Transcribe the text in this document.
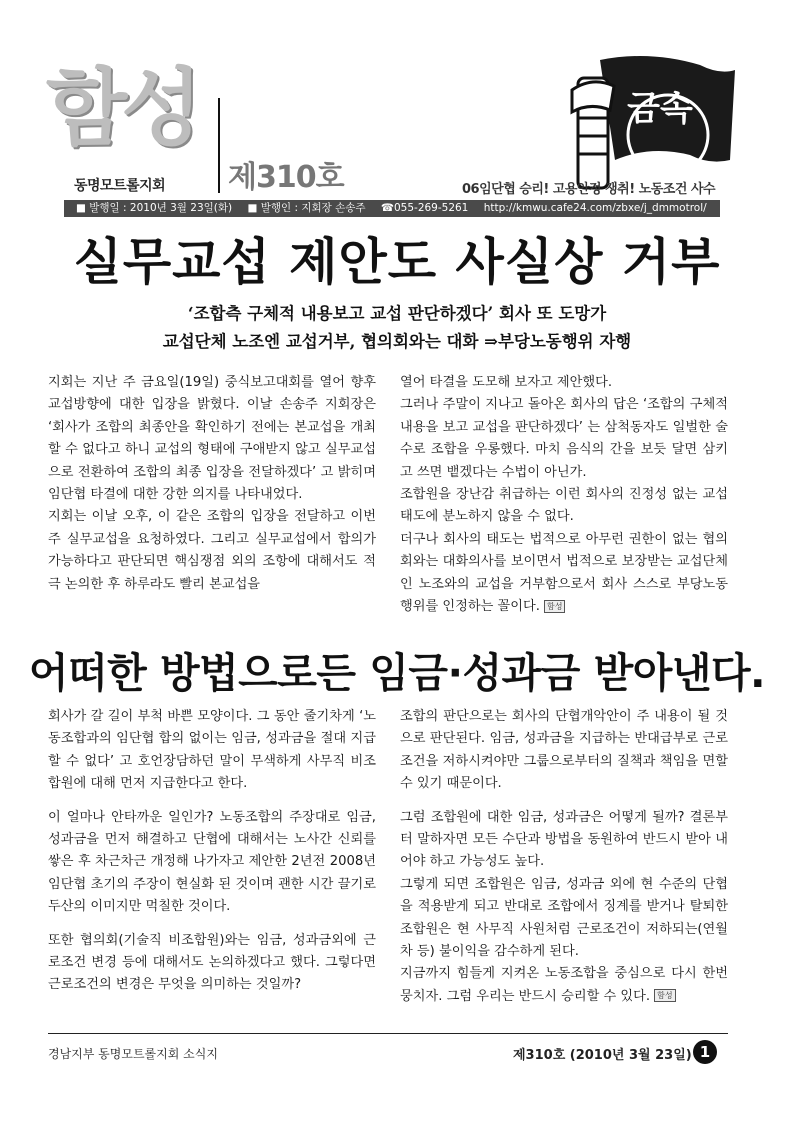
함성
동명모트롤지회 제310호
금속
06임단협 승리! 고용안정 쟁취! 노동조건 사수
■ 발행일 : 2010년 3월 23일(화) ■ 발행인 : 지회장 손송주 ☎055-269-5261 http://kmwu.cafe24.com/zbxe/j_dmmotrol/
실무교섭 제안도 사실상 거부
‘조합측 구체적 내용보고 교섭 판단하겠다’ 회사 또 도망가
교섭단체 노조엔 교섭거부, 협의회와는 대화 ⇒부당노동행위 자행

지회는 지난 주 금요일(19일) 중식보고대회를 열어 향후 교섭방향에 대한 입장을 밝혔다. 이날 손송주 지회장은 ‘회사가 조합의 최종안을 확인하기 전에는 본교섭을 개최할 수 없다고 하니 교섭의 형태에 구애받지 않고 실무교섭으로 전환하여 조합의 최종 입장을 전달하겠다’ 고 밝히며 임단협 타결에 대한 강한 의지를 나타내었다.

지회는 이날 오후, 이 같은 조합의 입장을 전달하고 이번 주 실무교섭을 요청하였다. 그리고 실무교섭에서 합의가 가능하다고 판단되면 핵심쟁점 외의 조항에 대해서도 적극 논의한 후 하루라도 빨리 본교섭을

열어 타결을 도모해 보자고 제안했다.

그러나 주말이 지나고 돌아온 회사의 답은 ‘조합의 구체적 내용을 보고 교섭을 판단하겠다’ 는 삼척동자도 일벌한 술수로 조합을 우롱했다. 마치 음식의 간을 보듯 달면 삼키고 쓰면 뱉겠다는 수법이 아닌가.

조합원을 장난감 취급하는 이런 회사의 진정성 없는 교섭태도에 분노하지 않을 수 없다.

더구나 회사의 태도는 법적으로 아무런 권한이 없는 협의회와는 대화의사를 보이면서 법적으로 보장받는 교섭단체인 노조와의 교섭을 거부함으로서 회사 스스로 부당노동행위를 인정하는 꼴이다. 함성

어떠한 방법으로든 임금·성과금 받아낸다.

회사가 갈 길이 부척 바쁜 모양이다. 그 동안 줄기차게 ‘노동조합과의 임단협 합의 없이는 임금, 성과금을 절대 지급할 수 없다’ 고 호언장담하던 말이 무색하게 사무직 비조합원에 대해 먼저 지급한다고 한다.

이 얼마나 안타까운 일인가? 노동조합의 주장대로 임금, 성과금을 먼저 해결하고 단협에 대해서는 노사간 신뢰를 쌓은 후 차근차근 개정해 나가자고 제안한 2년전 2008년 임단협 초기의 주장이 현실화 된 것이며 괜한 시간 끌기로 두산의 이미지만 먹칠한 것이다.

또한 협의회(기술직 비조합원)와는 임금, 성과금외에 근로조건 변경 등에 대해서도 논의하겠다고 했다. 그렇다면 근로조건의 변경은 무엇을 의미하는 것일까?

조합의 판단으로는 회사의 단협개악안이 주 내용이 될 것으로 판단된다. 임금, 성과금을 지급하는 반대급부로 근로조건을 저하시켜야만 그룹으로부터의 질책과 책임을 면할 수 있기 때문이다.

그럼 조합원에 대한 임금, 성과금은 어떻게 될까? 결론부터 말하자면 모든 수단과 방법을 동원하여 반드시 받아 내어야 하고 가능성도 높다.

그렇게 되면 조합원은 임금, 성과금 외에 현 수준의 단협을 적용받게 되고 반대로 조합에서 징계를 받거나 탈퇴한 조합원은 현 사무직 사원처럼 근로조건이 저하되는(연월차 등) 불이익을 감수하게 된다.

지금까지 힘들게 지켜온 노동조합을 중심으로 다시 한번 뭉치자. 그럼 우리는 반드시 승리할 수 있다. 함성

경남지부 동명모트롤지회 소식지	제310호 (2010년 3월 23일) 1
